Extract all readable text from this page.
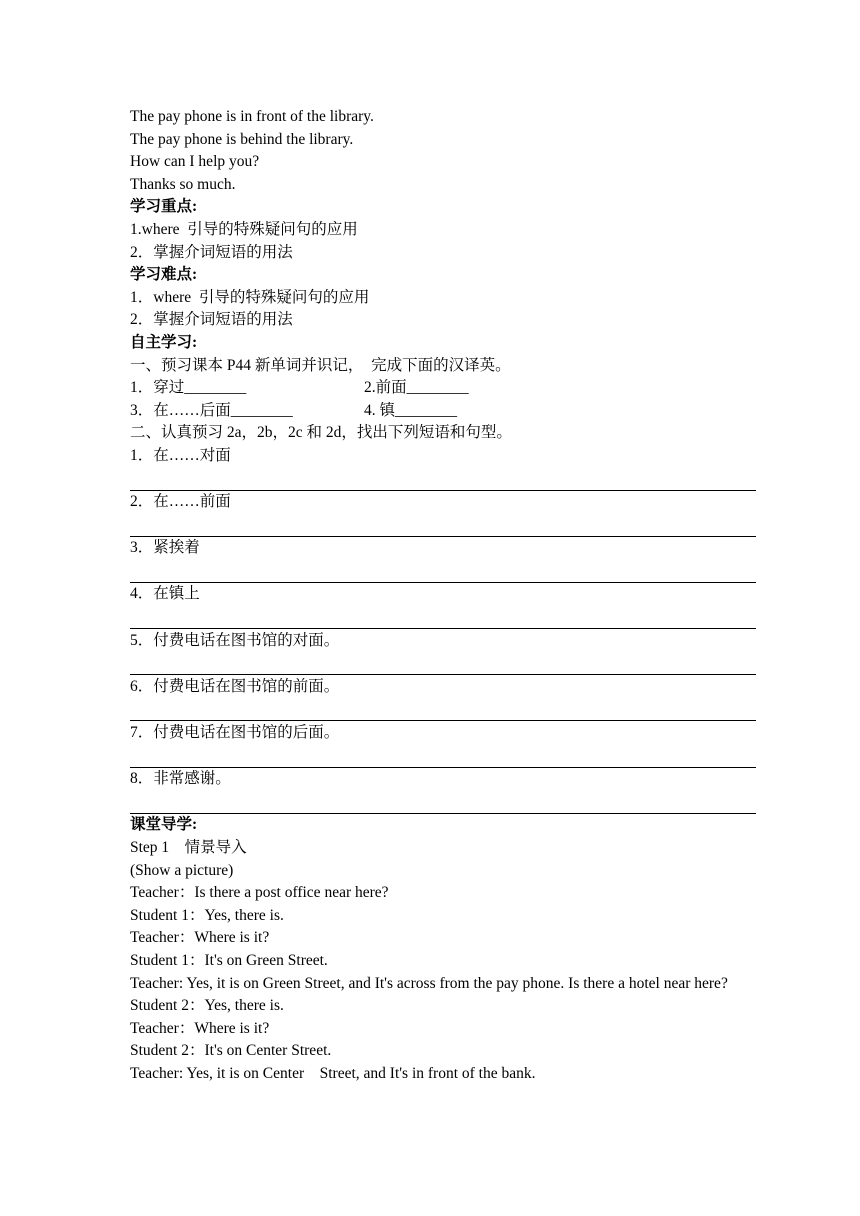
The pay phone is in front of the library.
The pay phone is behind the library.
How can I help you?
Thanks so much.
学习重点:
1.where  引导的特殊疑问句的应用
2．掌握介词短语的用法
学习难点:
1．where  引导的特殊疑问句的应用
2．掌握介词短语的用法
自主学习:
一、预习课本 P44 新单词并识记，  完成下面的汉译英。
1．穿过________	2.前面________
3．在……后面________	4. 镇________
二、认真预习 2a，2b，2c 和 2d，找出下列短语和句型。
1．在……对面
2．在……前面
3．紧挨着
4．在镇上
5．付费电话在图书馆的对面。
6．付费电话在图书馆的前面。
7．付费电话在图书馆的后面。
8．非常感谢。
课堂导学:
Step 1    情景导入
(Show a picture)
Teacher：Is there a post office near here?
Student 1：Yes, there is.
Teacher：Where is it?
Student 1：It's on Green Street.
Teacher: Yes, it is on Green Street, and It's across from the pay phone. Is there a hotel near here?
Student 2：Yes, there is.
Teacher：Where is it?
Student 2：It's on Center Street.
Teacher: Yes, it is on Center    Street, and It's in front of the bank.
